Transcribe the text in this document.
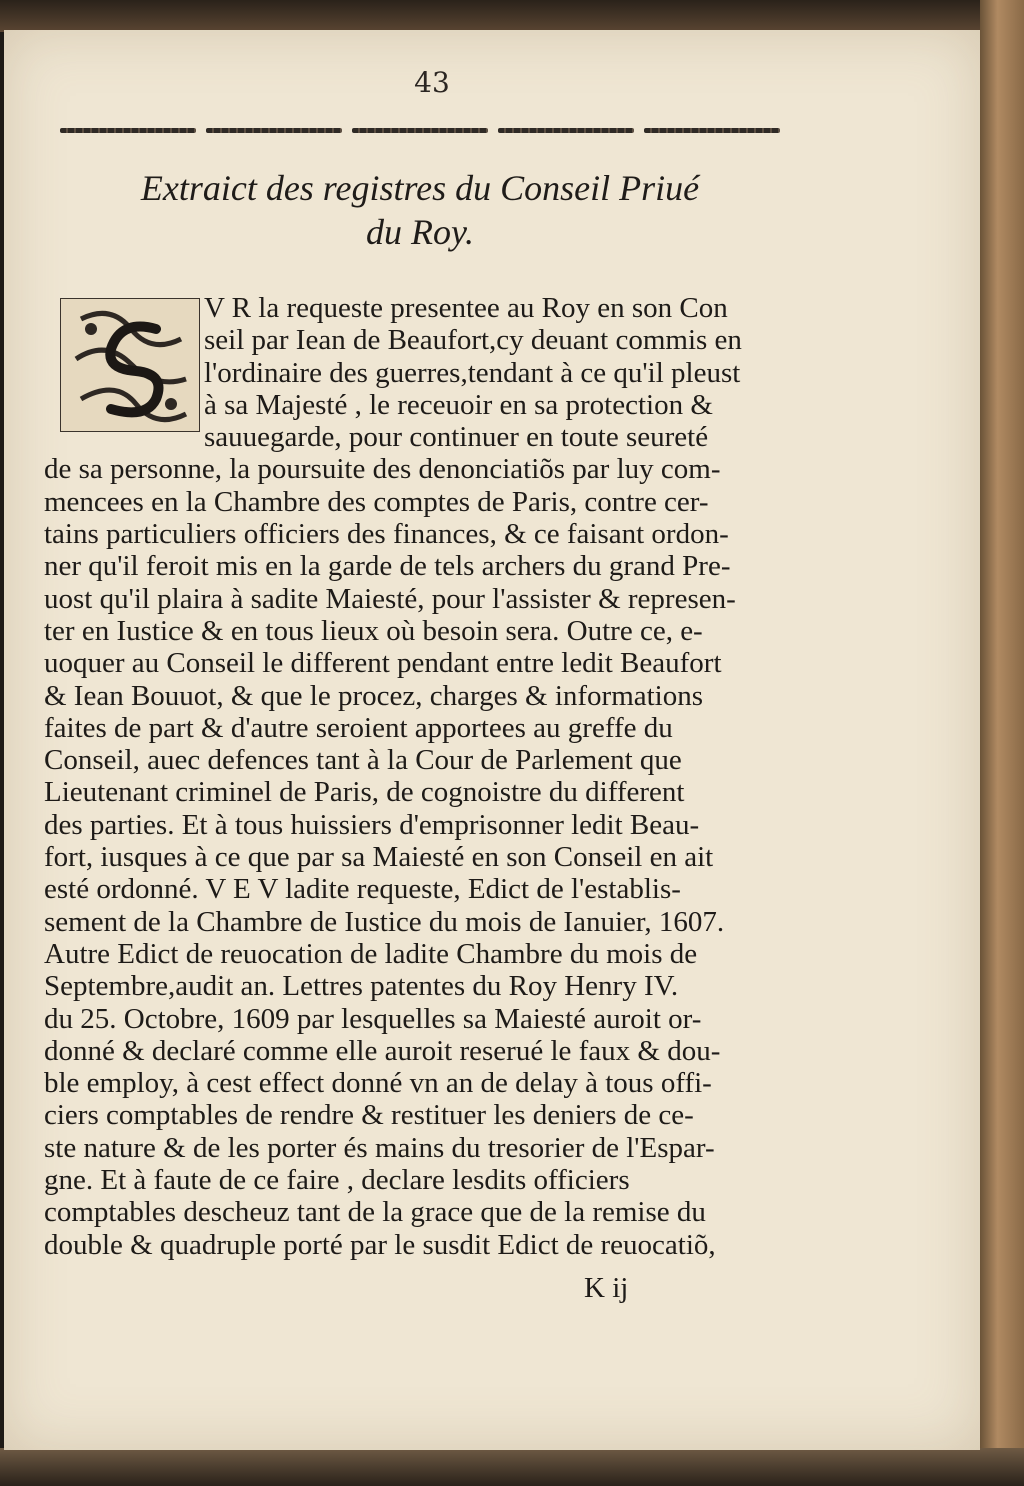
43
Extraict des registres du Conseil Priué
du Roy.
V R la requeste presentee au Roy en son Con
seil par Iean de Beaufort,cy deuant commis en
l'ordinaire des guerres,tendant à ce qu'il pleust
à sa Majesté , le receuoir en sa protection &
sauuegarde, pour continuer en toute seureté
de sa personne, la poursuite des denonciatiõs par luy com-
mencees en la Chambre des comptes de Paris, contre cer-
tains particuliers officiers des finances, & ce faisant ordon-
ner qu'il feroit mis en la garde de tels archers du grand Pre-
uost qu'il plaira à sadite Maiesté, pour l'assister & represen-
ter en Iustice & en tous lieux où besoin sera. Outre ce, e-
uoquer au Conseil le different pendant entre ledit Beaufort
& Iean Bouuot, & que le procez, charges & informations
faites de part & d'autre seroient apportees au greffe du
Conseil, auec defences tant à la Cour de Parlement que
Lieutenant criminel de Paris, de cognoistre du different
des parties. Et à tous huissiers d'emprisonner ledit Beau-
fort, iusques à ce que par sa Maiesté en son Conseil en ait
esté ordonné. V E V ladite requeste, Edict de l'establis-
sement de la Chambre de Iustice du mois de Ianuier, 1607.
Autre Edict de reuocation de ladite Chambre du mois de
Septembre,audit an. Lettres patentes du Roy Henry IV.
du 25. Octobre, 1609 par lesquelles sa Maiesté auroit or-
donné & declaré comme elle auroit reserué le faux & dou-
ble employ, à cest effect donné vn an de delay à tous offi-
ciers comptables de rendre & restituer les deniers de ce-
ste nature & de les porter és mains du tresorier de l'Espar-
gne. Et à faute de ce faire , declare lesdits officiers
comptables descheuz tant de la grace que de la remise du
double & quadruple porté par le susdit Edict de reuocatiõ,
K ij
